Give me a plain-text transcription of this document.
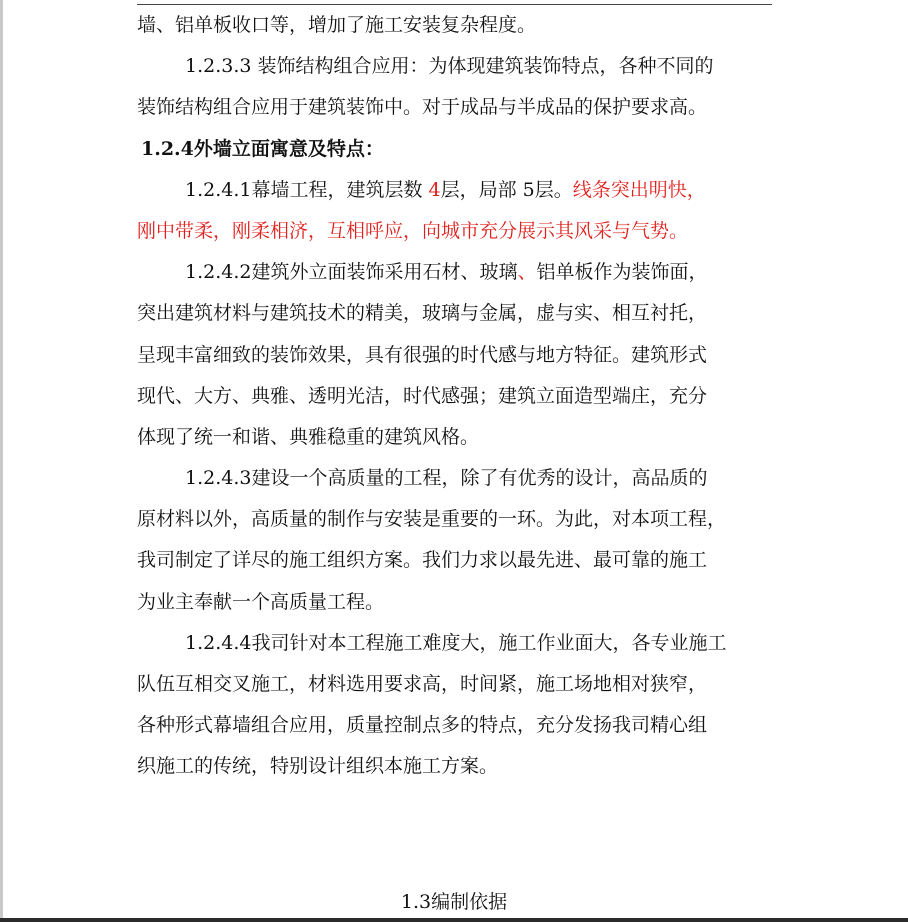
墙、铝单板收口等，增加了施工安装复杂程度。
1.2.3.3 装饰结构组合应用：为体现建筑装饰特点，各种不同的
装饰结构组合应用于建筑装饰中。对于成品与半成品的保护要求高。
1.2.4外墙立面寓意及特点：
1.2.4.1幕墙工程，建筑层数 4层，局部 5层。线条突出明快，
刚中带柔，刚柔相济，互相呼应，向城市充分展示其风采与气势。
1.2.4.2建筑外立面装饰采用石材、玻璃、铝单板作为装饰面，
突出建筑材料与建筑技术的精美，玻璃与金属，虚与实、相互衬托，
呈现丰富细致的装饰效果，具有很强的时代感与地方特征。建筑形式
现代、大方、典雅、透明光洁，时代感强；建筑立面造型端庄，充分
体现了统一和谐、典雅稳重的建筑风格。
1.2.4.3建设一个高质量的工程，除了有优秀的设计，高品质的
原材料以外，高质量的制作与安装是重要的一环。为此，对本项工程，
我司制定了详尽的施工组织方案。我们力求以最先进、最可靠的施工
为业主奉献一个高质量工程。
1.2.4.4我司针对本工程施工难度大，施工作业面大，各专业施工
队伍互相交叉施工，材料选用要求高，时间紧，施工场地相对狭窄，
各种形式幕墙组合应用，质量控制点多的特点，充分发扬我司精心组
织施工的传统，特别设计组织本施工方案。
1.3编制依据
